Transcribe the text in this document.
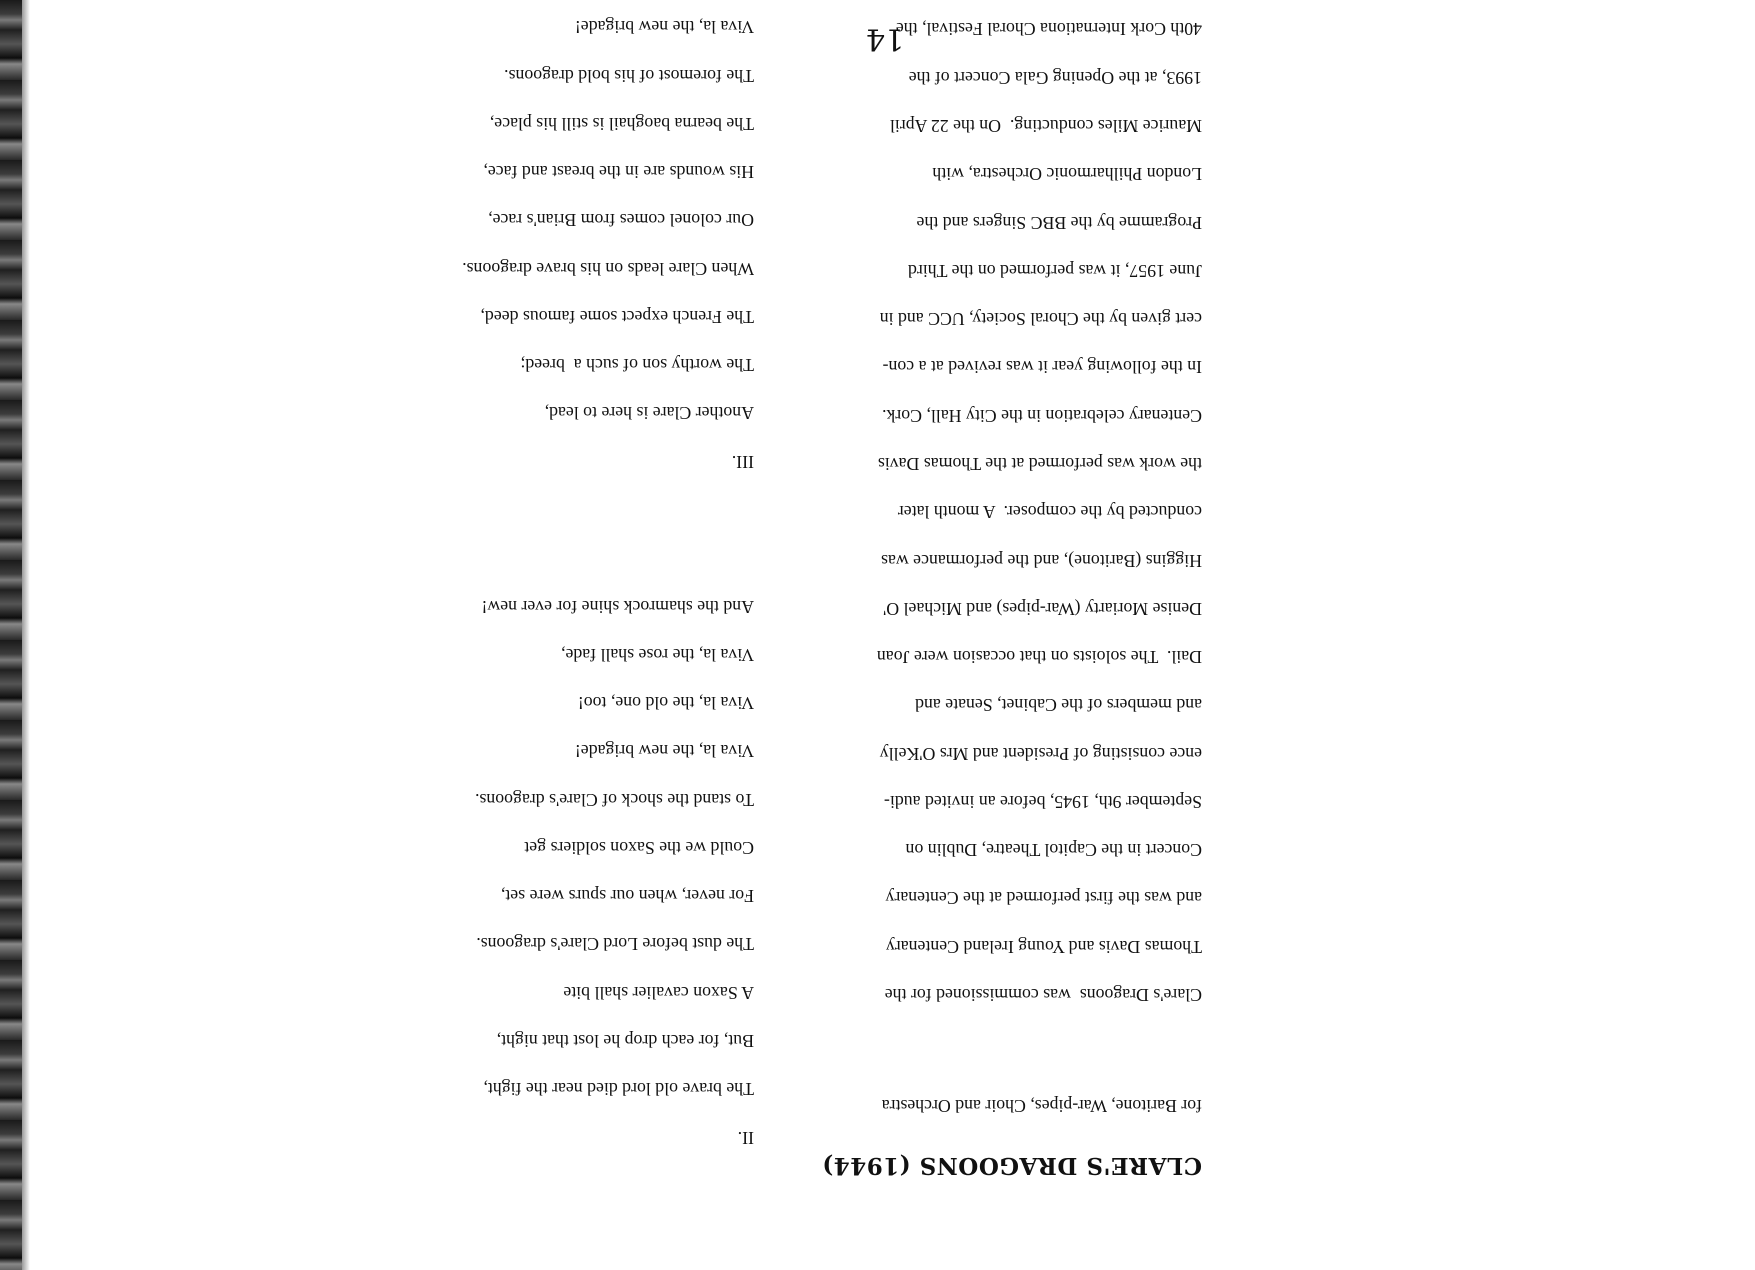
14

CLARE'S DRAGOONS (1944)

for Baritone, War-pipes, Choir and Orchestra

Clare's Dragoons  was commissioned for the

Thomas Davis and Young Ireland Centenary

and was the first performed at the Centenary

Concert in the Capitol Theatre, Dublin on

September 9th, 1945, before an invited audi-

ence consisting of President and Mrs O'Kelly

and members of the Cabinet, Senate and

Dail.  The soloists on that occasion were Joan

Denise Moriarty (War-pipes) and Michael O'

Higgins (Baritone), and the performance was

conducted by the composer.  A month later

the work was performed at the Thomas Davis

Centenary celebration in the City Hall, Cork.

In the following year it was revived at a con-

cert given by the Choral Society, UCC and in

June 1957, it was performed on the Third

Programme by the BBC Singers and the

London Philharmonic Orchestra, with

Maurice Miles conducting.  On the 22 April

1993, at the Opening Gala Concert of the

40th Cork Internationa Choral Festival, the

II.

The brave old lord died near the fight,

But, for each drop he lost that night,

A Saxon cavalier shall bite

The dust before Lord Clare's dragoons.

For never, when our spurs were set,

Could we the Saxon soldiers get

To stand the shock of Clare's dragoons.

Viva la, the new brigade!

Viva la, the old one, too!

Viva la, the rose shall fade,

And the shamrock shine for ever new!

III.

Another Clare is here to lead,

The worthy son of such a  breed;

The French expect some famous deed,

When Clare leads on his brave dragoons.

Our colonel comes from Brian's race,

His wounds are in the breast and face,

The bearna baoghail is still his place,

The foremost of his bold dragoons.

Viva la, the new brigade!
